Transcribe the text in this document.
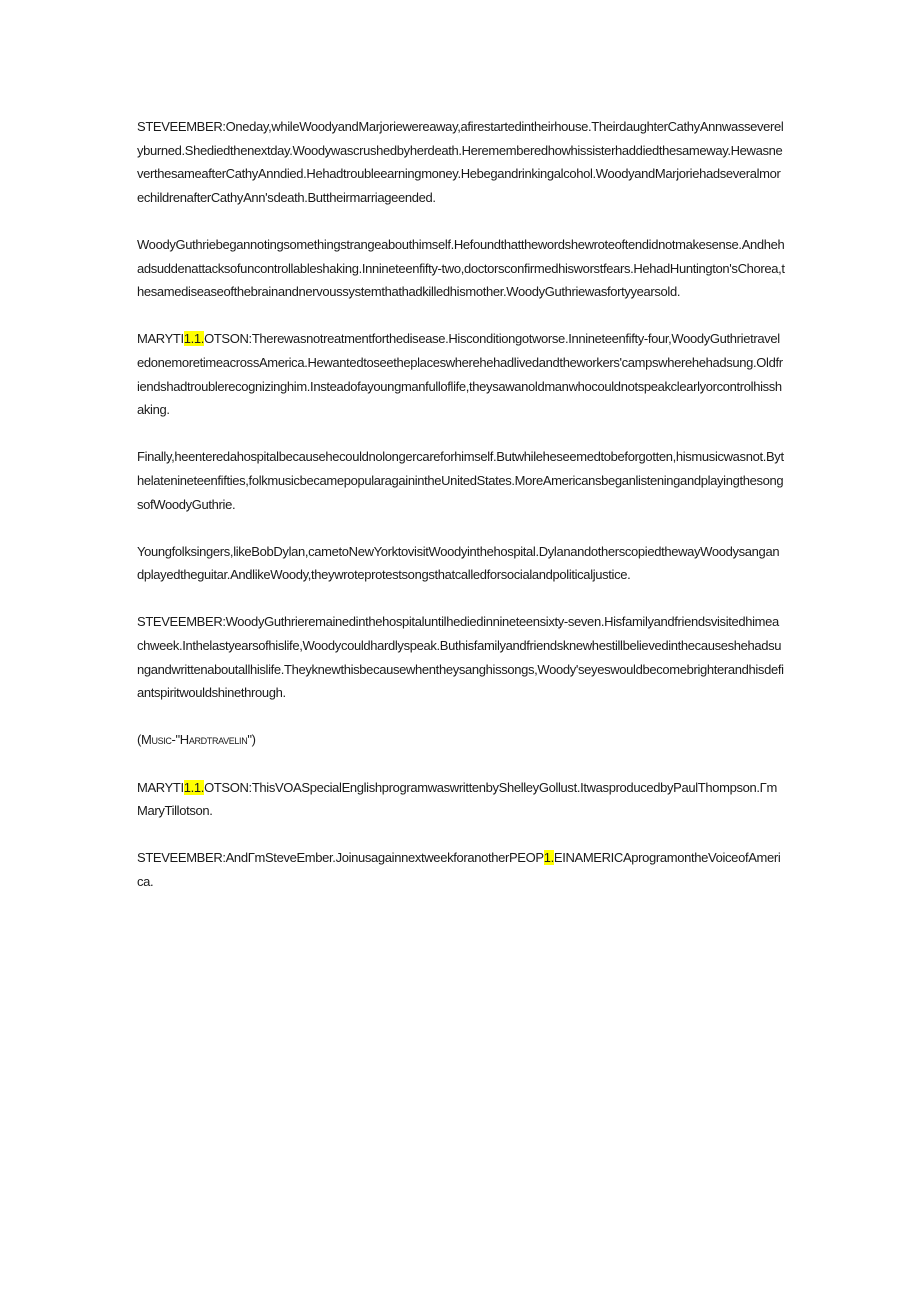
STEVEEMBER:Oneday,whileWoodyandMarjoriewereaway,afirestartedintheirhouse.TheirdaughterCathyAnnwasseverelyburned.Shediedthenextday.Woodywascrushedbyherdeath.Herememberedhowhissisterhaddiedthesameway.HewasneverthesameafterCathyAnndied.Hehadtroubleearningmoney.Hebegandrinkingalcohol.WoodyandMarjoriehadseveralmorechildrenafterCathyAnn'sdeath.Buttheirmarriageended.

WoodyGuthriebegannotingsomethingstrangeabouthimself.Hefoundthatthewordshewroteoftendidnotmakesense.Andhehadsuddenattacksofuncontrollableshaking.Innineteenfifty-two,doctorsconfirmedhisworstfears.HehadHuntington'sChorea,thesamediseaseofthebrainandnervoussystemthathadkilledhismother.WoodyGuthriewasfortyyearsold.

MARYTI1.1.OTSON:Therewasnotreatmentforthedisease.Hisconditiongotworse.Innineteenfifty-four,WoodyGuthrietraveledonemoretimeacrossAmerica.Hewantedtoseetheplaceswherehehadlivedandtheworkers'campswherehehadsung.Oldfriendshadtroublerecognizinghim.Insteadofayoungmanfulloflife,theysawanoldmanwhocouldnotspeakclearlyorcontrolhisshaking.

Finally,heenteredahospitalbecausehecouldnolongercareforhimself.Butwhileheseemedtobeforgotten,hismusicwasnot.Bythelatenineteenfifties,folkmusicbecamepopularagainintheUnitedStates.MoreAmericansbeganlisteningandplayingthesongsofWoodyGuthrie.

Youngfolksingers,likeBobDylan,cametoNewYorktovisitWoodyinthehospital.DylanandotherscopiedthewayWoodysangandplayedtheguitar.AndlikeWoody,theywroteprotestsongsthatcalledforsocialandpoliticaljustice.

STEVEEMBER:WoodyGuthrieremainedinthehospitaluntilhediedinnineteensixty-seven.Hisfamilyandfriendsvisitedhimeachweek.Inthelastyearsofhislife,Woodycouldhardlyspeak.Buthisfamilyandfriendsknewhestillbelievedinthecauseshehadsungandwrittenaboutallhislife.Theyknewthisbecausewhentheysanghissongs,Woody'seyeswouldbecomebrighterandhisdefiantspiritwouldshinethrough.

(Music-"Hardtravelin")

MARYTI1.1.OTSON:ThisVOASpecialEnglishprogramwaswrittenbyShelleyGollust.ItwasproducedbyPaulThompson.ΓmMaryTillotson.

STEVEEMBER:AndΓmSteveEmber.JoinusagainnextweekforanotherPEOP1.EINAMERICAprogramontheVoiceofAmerica.
